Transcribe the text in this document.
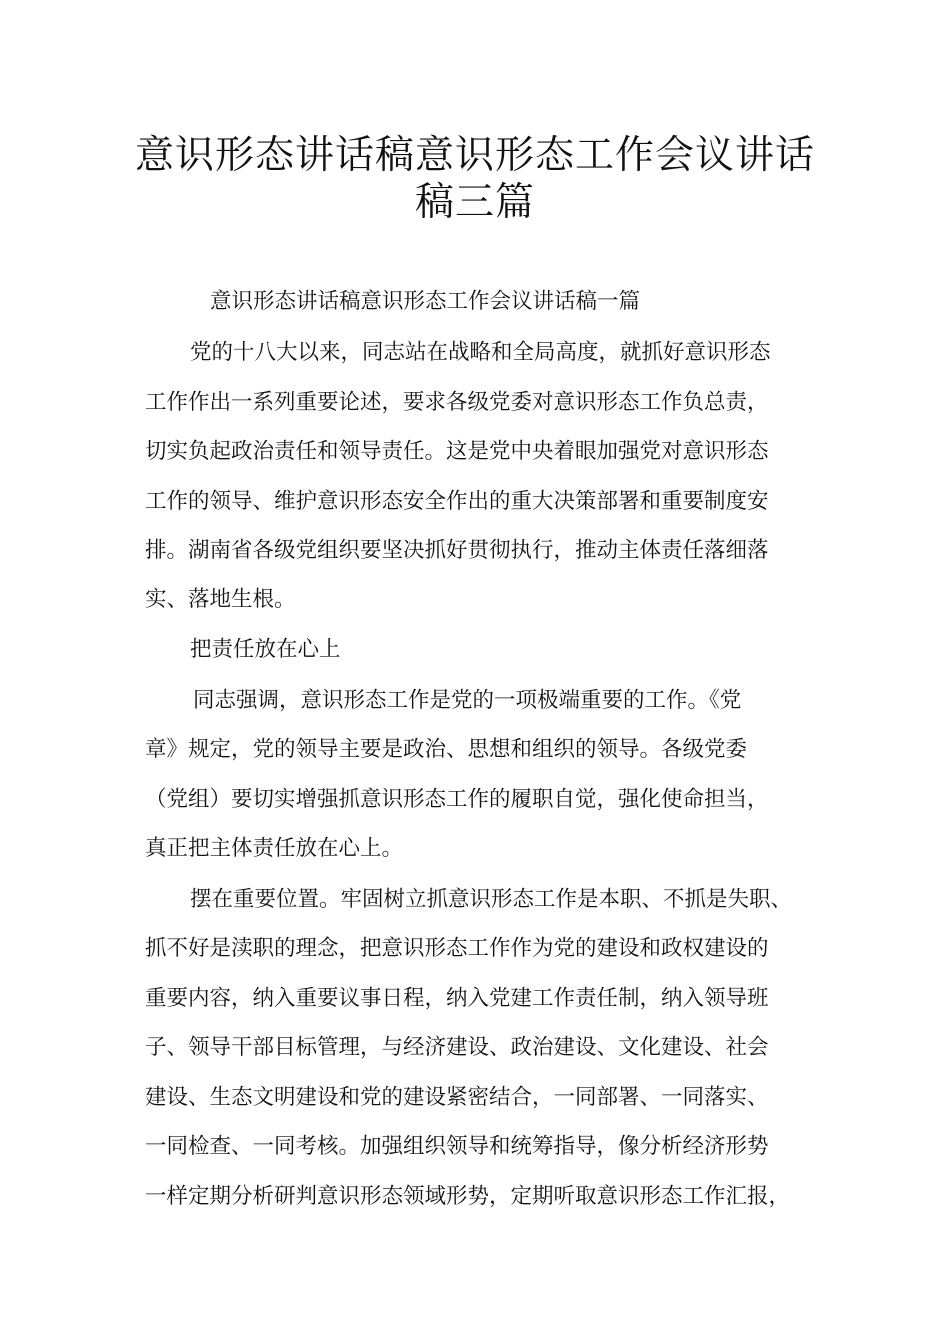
意识形态讲话稿意识形态工作会议讲话
稿三篇

意识形态讲话稿意识形态工作会议讲话稿一篇

党的十八大以来，同志站在战略和全局高度，就抓好意识形态

工作作出一系列重要论述，要求各级党委对意识形态工作负总责，

切实负起政治责任和领导责任。这是党中央着眼加强党对意识形态

工作的领导、维护意识形态安全作出的重大决策部署和重要制度安

排。湖南省各级党组织要坚决抓好贯彻执行，推动主体责任落细落

实、落地生根。

把责任放在心上

同志强调，意识形态工作是党的一项极端重要的工作。《党

章》规定，党的领导主要是政治、思想和组织的领导。各级党委

（党组）要切实增强抓意识形态工作的履职自觉，强化使命担当，

真正把主体责任放在心上。

摆在重要位置。牢固树立抓意识形态工作是本职、不抓是失职、

抓不好是渎职的理念，把意识形态工作作为党的建设和政权建设的

重要内容，纳入重要议事日程，纳入党建工作责任制，纳入领导班

子、领导干部目标管理，与经济建设、政治建设、文化建设、社会

建设、生态文明建设和党的建设紧密结合，一同部署、一同落实、

一同检查、一同考核。加强组织领导和统筹指导，像分析经济形势

一样定期分析研判意识形态领域形势，定期听取意识形态工作汇报，
